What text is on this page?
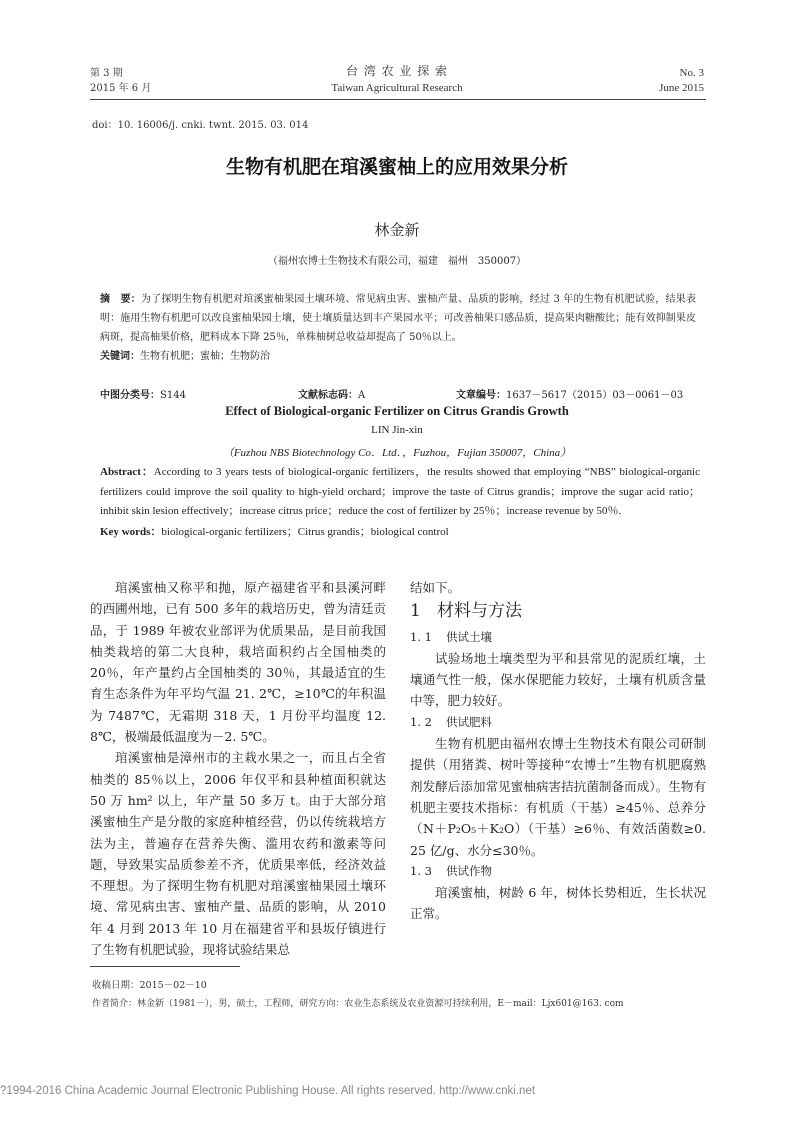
第 3 期
2015 年 6 月
台 湾 农 业 探 索
Taiwan Agricultural Research
No. 3
June 2015
doi：10. 16006/j. cnki. twnt. 2015. 03. 014
生物有机肥在琯溪蜜柚上的应用效果分析
林金新
（福州农博士生物技术有限公司，福建　福州　350007）
摘　要：为了探明生物有机肥对琯溪蜜柚果园土壤环境、常见病虫害、蜜柚产量、品质的影响，经过 3 年的生物有机肥试验，结果表明：施用生物有机肥可以改良蜜柚果园土壤，使土壤质量达到丰产果园水平；可改善柚果口感品质，提高果肉糖酸比；能有效抑制果皮病斑，提高柚果价格，肥料成本下降 25％，单株柚树总收益却提高了 50％以上。
关键词：生物有机肥；蜜柚；生物防治
中图分类号：S144	文献标志码：A	文章编号：1637－5617（2015）03－0061－03
Effect of Biological-organic Fertilizer on Citrus Grandis Growth
LIN Jin-xin
（Fuzhou NBS Biotechnology Co．Ltd．，Fuzhou，Fujian 350007，China）
Abstract：According to 3 years tests of biological-organic fertilizers，the results showed that employing “NBS” biological-organic fertilizers could improve the soil quality to high-yield orchard；improve the taste of Citrus grandis；improve the sugar acid ratio；inhibit skin lesion effectively；increase citrus price；reduce the cost of fertilizer by 25％；increase revenue by 50％.
Key words：biological-organic fertilizers；Citrus grandis；biological control

琯溪蜜柚又称平和抛，原产福建省平和县溪河畔的西圃州地，已有 500 多年的栽培历史，曾为清廷贡品，于 1989 年被农业部评为优质果品，是目前我国柚类栽培的第二大良种，栽培面积约占全国柚类的 20％，年产量约占全国柚类的 30％，其最适宜的生育生态条件为年平均气温 21. 2℃，≥10℃的年积温为 7487℃，无霜期 318 天，1 月份平均温度 12. 8℃，极端最低温度为－2. 5℃。

琯溪蜜柚是漳州市的主栽水果之一，而且占全省柚类的 85％以上，2006 年仅平和县种植面积就达 50 万 hm² 以上，年产量 50 多万 t。由于大部分琯溪蜜柚生产是分散的家庭种植经营，仍以传统栽培方法为主，普遍存在营养失衡、滥用农药和激素等问题，导致果实品质参差不齐，优质果率低，经济效益不理想。为了探明生物有机肥对琯溪蜜柚果园土壤环境、常见病虫害、蜜柚产量、品质的影响，从 2010 年 4 月到 2013 年 10 月在福建省平和县坂仔镇进行了生物有机肥试验，现将试验结果总

结如下。
1 材料与方法
1. 1 供试土壤

试验场地土壤类型为平和县常见的泥质红壤，土壤通气性一般，保水保肥能力较好，土壤有机质含量中等，肥力较好。

1. 2 供试肥料

生物有机肥由福州农博士生物技术有限公司研制提供（用猪粪、树叶等接种“农博士”生物有机肥腐熟剂发酵后添加常见蜜柚病害拮抗菌制备而成）。生物有机肥主要技术指标：有机质（干基）≥45％、总养分（N＋P₂O₅＋K₂O）（干基）≥6％、有效活菌数≥0. 25 亿/g、水分≤30％。

1. 3 供试作物

琯溪蜜柚，树龄 6 年，树体长势相近，生长状况正常。

收稿日期：2015－02－10
作者简介：林金新（1981－），男，硕士，工程师，研究方向：农业生态系统及农业资源可持续利用，E－mail：Ljx601@163. com
?1994-2016 China Academic Journal Electronic Publishing House. All rights reserved. http://www.cnki.net
